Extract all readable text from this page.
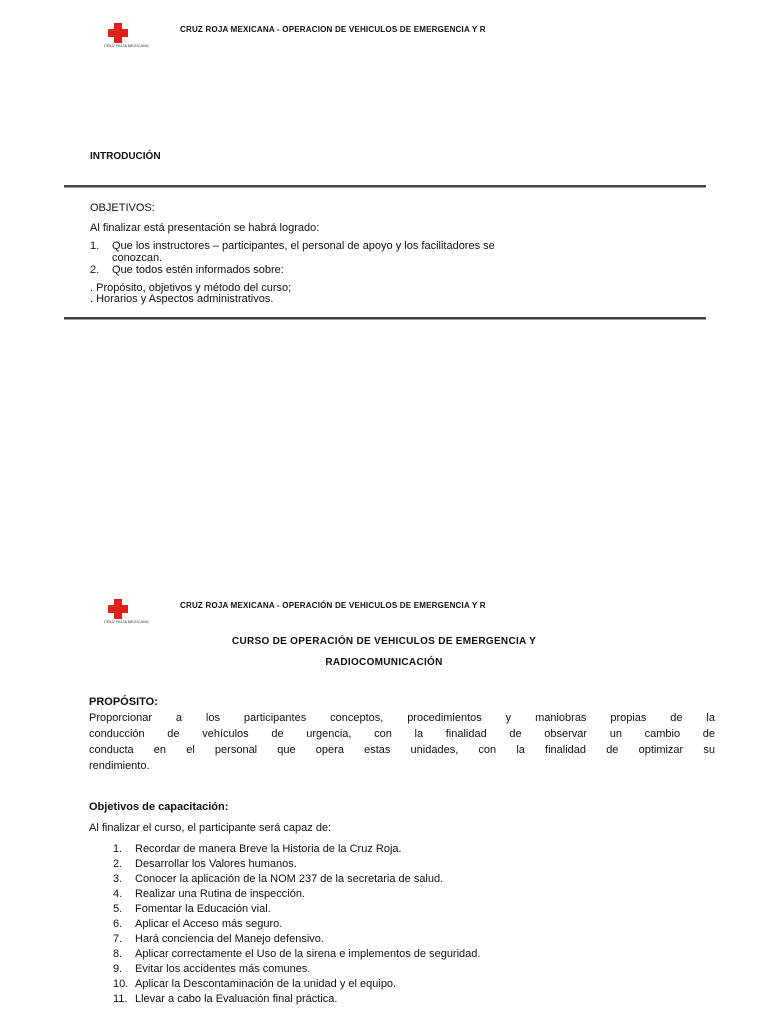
CRUZ ROJA MEXICANA
CRUZ ROJA MEXICANA - OPERACION DE VEHICULOS DE EMERGENCIA Y R
INTRODUCIÓN
OBJETIVOS:
Al finalizar está presentación se habrá logrado:
1. Que los instructores – participantes, el personal de apoyo y los facilitadores se
conozcan.
2. Que todos estén informados sobre:
. Propósito, objetivos y método del curso;
. Horarios y Aspectos administrativos.
CRUZ ROJA MEXICANA
CRUZ ROJA MEXICANA - OPERACIÓN DE VEHICULOS DE EMERGENCIA Y R
CURSO DE OPERACIÓN DE VEHICULOS DE EMERGENCIA Y
RADIOCOMUNICACIÓN
PROPÓSITO:
Proporcionar a los participantes conceptos, procedimientos y maniobras propias de la
conducción de vehículos de urgencia, con la finalidad de observar un cambio de
conducta en el personal que opera estas unidades, con la finalidad de optimizar su
rendimiento.
Objetivos de capacitación:
Al finalizar el curso, el participante será capaz de:
1. Recordar de manera Breve la Historia de la Cruz Roja.
2. Desarrollar los Valores humanos.
3. Conocer la aplicación de la NOM 237 de la secretaria de salud.
4. Realizar una Rutina de inspección.
5. Fomentar la Educación vial.
6. Aplicar el Acceso más seguro.
7. Hará conciencia del Manejo defensivo.
8. Aplicar correctamente el Uso de la sirena e implementos de seguridad.
9. Evitar los accidentes más comunes.
10. Aplicar la Descontaminación de la unidad y el equipo.
11. Llevar a cabo la Evaluación final práctica.
